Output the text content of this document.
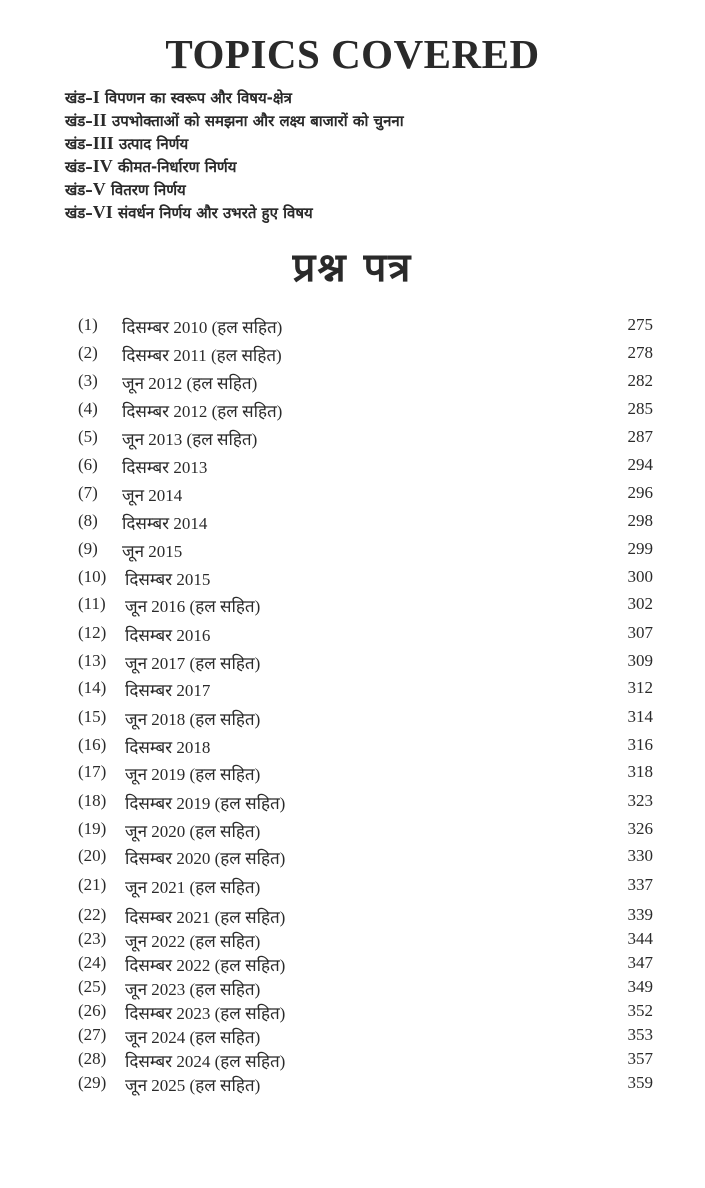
TOPICS COVERED
खंड–I विपणन का स्वरूप और विषय-क्षेत्र
खंड–II उपभोक्ताओं को समझना और लक्ष्य बाजारों को चुनना
खंड–III उत्पाद निर्णय
खंड–IV कीमत-निर्धारण निर्णय
खंड–V वितरण निर्णय
खंड–VI संवर्धन निर्णय और उभरते हुए विषय
प्रश्न पत्र
(1) दिसम्बर 2010 (हल सहित)	275
(2) दिसम्बर 2011 (हल सहित)	278
(3) जून 2012 (हल सहित)	282
(4) दिसम्बर 2012 (हल सहित)	285
(5) जून 2013 (हल सहित)	287
(6) दिसम्बर 2013	294
(7) जून 2014	296
(8) दिसम्बर 2014	298
(9) जून 2015	299
(10) दिसम्बर 2015	300
(11) जून 2016 (हल सहित)	302
(12) दिसम्बर 2016	307
(13) जून 2017 (हल सहित)	309
(14) दिसम्बर 2017	312
(15) जून 2018 (हल सहित)	314
(16) दिसम्बर 2018	316
(17) जून 2019 (हल सहित)	318
(18) दिसम्बर 2019 (हल सहित)	323
(19) जून 2020 (हल सहित)	326
(20) दिसम्बर 2020 (हल सहित)	330
(21) जून 2021 (हल सहित)	337
(22) दिसम्बर 2021 (हल सहित)	339
(23) जून 2022 (हल सहित)	344
(24) दिसम्बर 2022 (हल सहित)	347
(25) जून 2023 (हल सहित)	349
(26) दिसम्बर 2023 (हल सहित)	352
(27) जून 2024 (हल सहित)	353
(28) दिसम्बर 2024 (हल सहित)	357
(29) जून 2025 (हल सहित)	359
